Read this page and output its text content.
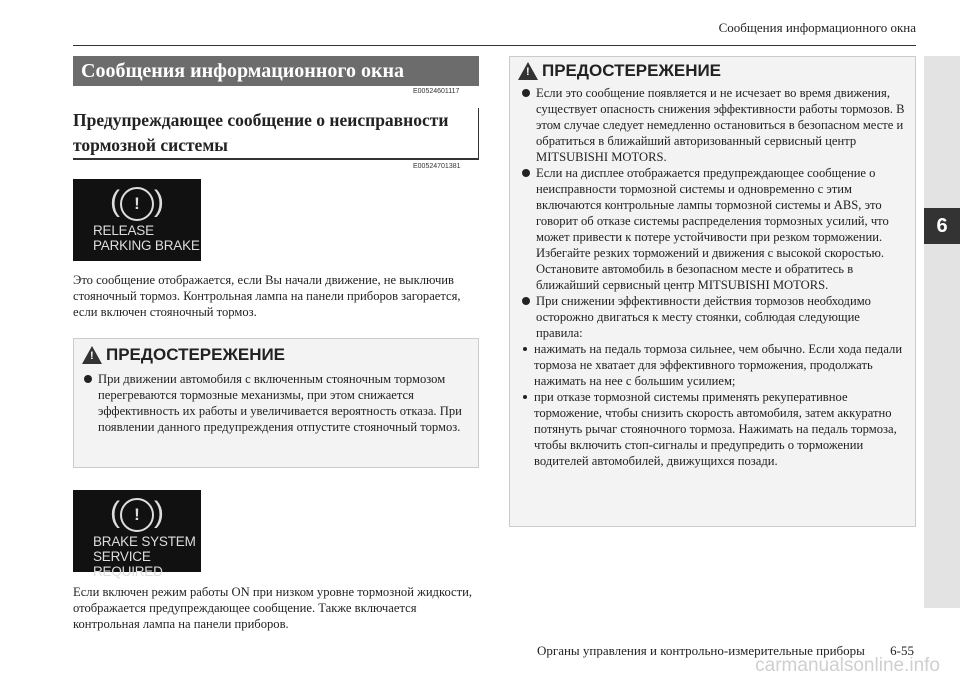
Сообщения информационного окна
6
Сообщения информационного окна
E00524601117
Предупреждающее сообщение о неисправности тормозной системы
E00524701381
( ! )
RELEASE
PARKING BRAKE
Это сообщение отображается, если Вы начали движение, не выключив стояночный тормоз. Контрольная лампа на панели приборов загорается, если включен стояночный тормоз.
! ПРЕДОСТЕРЕЖЕНИЕ
При движении автомобиля с включенным стояночным тормозом перегреваются тормозные механизмы, при этом снижается эффективность их работы и увеличивается вероятность отказа. При появлении данного предупреждения отпустите стояночный тормоз.
( ! )
BRAKE SYSTEM
SERVICE REQUIRED
Если включен режим работы ON при низком уровне тормозной жидкости, отображается предупреждающее сообщение. Также включается контрольная лампа на панели приборов.
! ПРЕДОСТЕРЕЖЕНИЕ
Если это сообщение появляется и не исчезает во время движения, существует опасность снижения эффективности работы тормозов. В этом случае следует немедленно остановиться в безопасном месте и обратиться в ближайший авторизованный сервисный центр MITSUBISHI MOTORS.
Если на дисплее отображается предупреждающее сообщение о неисправности тормозной системы и одновременно с этим включаются контрольные лампы тормозной системы и ABS, это говорит об отказе системы распределения тормозных усилий, что может привести к потере устойчивости при резком торможении. Избегайте резких торможений и движения с высокой скоростью. Остановите автомобиль в безопасном месте и обратитесь в ближайший сервисный центр MITSUBISHI MOTORS.
При снижении эффективности действия тормозов необходимо осторожно двигаться к месту стоянки, соблюдая следующие правила:
нажимать на педаль тормоза сильнее, чем обычно. Если хода педали тормоза не хватает для эффективного торможения, продолжать нажимать на нее с большим усилием;
при отказе тормозной системы применять рекуперативное торможение, чтобы снизить скорость автомобиля, затем аккуратно потянуть рычаг стояночного тормоза. Нажимать на педаль тормоза, чтобы включить стоп-сигналы и предупредить о торможении водителей автомобилей, движущихся позади.
Органы управления и контрольно-измерительные приборы 6-55
carmanualsonline.info
